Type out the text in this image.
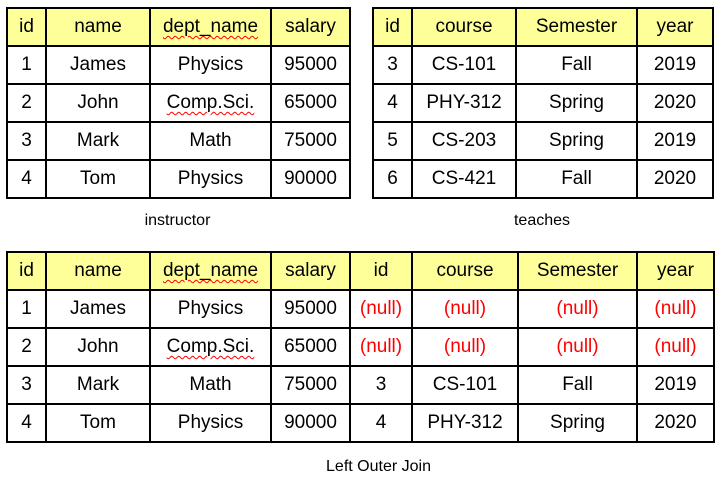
id	name	dept_name	salary
1	James	Physics	95000
2	John	Comp.Sci.	65000
3	Mark	Math	75000
4	Tom	Physics	90000
instructor
id	course	Semester	year
3	CS-101	Fall	2019
4	PHY-312	Spring	2020
5	CS-203	Spring	2019
6	CS-421	Fall	2020
teaches
id	name	dept_name	salary	id	course	Semester	year
1	James	Physics	95000	(null)	(null)	(null)	(null)
2	John	Comp.Sci.	65000	(null)	(null)	(null)	(null)
3	Mark	Math	75000	3	CS-101	Fall	2019
4	Tom	Physics	90000	4	PHY-312	Spring	2020
Left Outer Join
